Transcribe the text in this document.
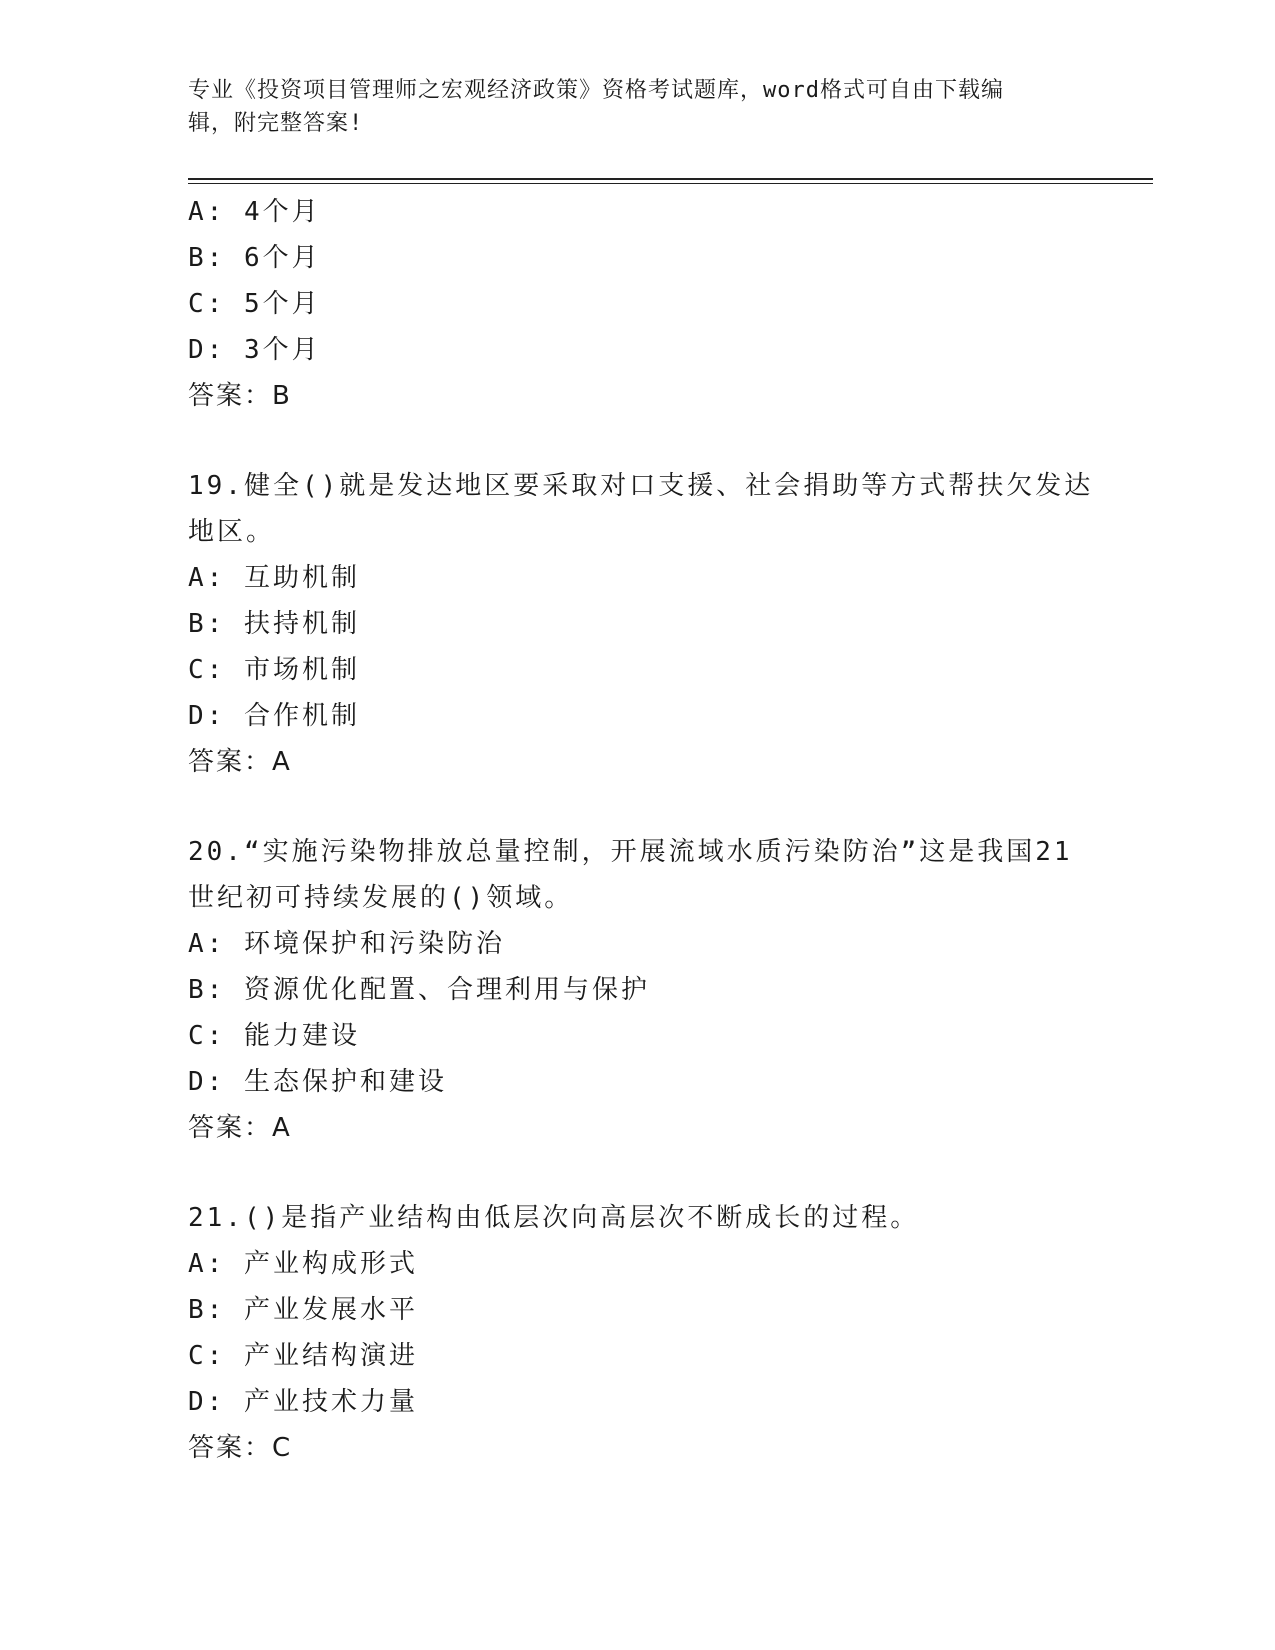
专业《投资项目管理师之宏观经济政策》资格考试题库，word格式可自由下载编
辑，附完整答案!
A: 4个月
B: 6个月
C: 5个月
D: 3个月
答案：B
19.健全()就是发达地区要采取对口支援、社会捐助等方式帮扶欠发达
地区。
A: 互助机制
B: 扶持机制
C: 市场机制
D: 合作机制
答案：A
20.“实施污染物排放总量控制，开展流域水质污染防治”这是我国21
世纪初可持续发展的()领域。
A: 环境保护和污染防治
B: 资源优化配置、合理利用与保护
C: 能力建设
D: 生态保护和建设
答案：A
21.()是指产业结构由低层次向高层次不断成长的过程。
A: 产业构成形式
B: 产业发展水平
C: 产业结构演进
D: 产业技术力量
答案：C
